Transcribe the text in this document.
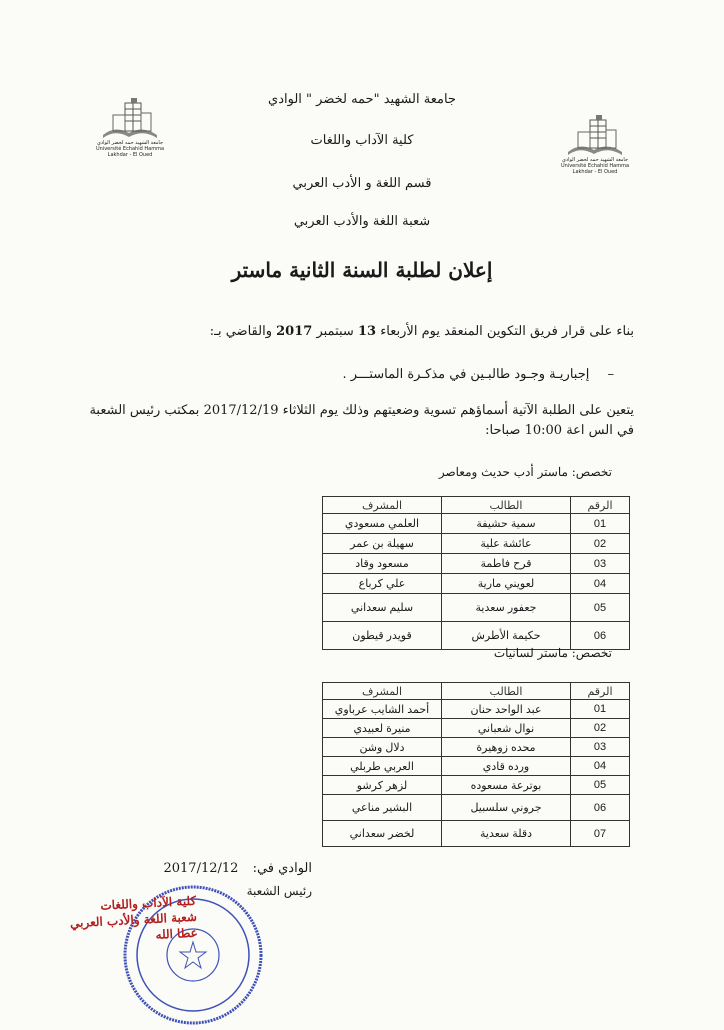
جامعة الشهيد حمه لخضر الوادي
Université Echahid Hamma Lakhdar - El Oued
جامعة الشهيد حمه لخضر الوادي
Université Echahid Hamma Lakhdar - El Oued
جامعة الشهيد "حمه لخضر " الوادي
كلية الآداب واللغات
قسم اللغة و الأدب العربي
شعبة اللغة والأدب العربي
إعلان لطلبة السنة الثانية ماستر
بناء على قرار فريق التكوين المنعقد يوم الأربعاء 13 سبتمبر 2017 والقاضي بـ:
– إجباريـة وجـود طالبـين في مذكـرة الماستـــر .
يتعين على الطلبة الآتية أسماؤهم تسوية وضعيتهم وذلك يوم الثلاثاء 2017/12/19 بمكتب رئيس الشعبة في الس اعة 10:00 صباحا:
تخصص: ماستر أدب حديث ومعاصر
الرقم	الطالب	المشرف
01	سمية حشيفة	العلمي مسعودي
02	عائشة علية	سهيلة بن عمر
03	قرح فاطمة	مسعود وقاد
04	لعويني مارية	علي كرباع
05	جعفور سعدية	سليم سعداني
06	حكيمة الأطرش	قويدر قيطون
تخصص: ماستر لسانيات
الرقم	الطالب	المشرف
01	عبد الواحد حنان	أحمد الشايب عرباوي
02	نوال شعباني	منيرة لعبيدي
03	محده زوهيرة	دلال وشن
04	ورده قادي	العربي طربلي
05	بوترعة مسعوده	لزهر كرشو
06	جروني سلسبيل	البشير مناعي
07	دقلة سعدية	لخضر سعداني
الوادي في: 2017/12/12
رئيس الشعبة
كلية الآداب واللغات
شعبة اللغة والأدب العربي
عطا الله
